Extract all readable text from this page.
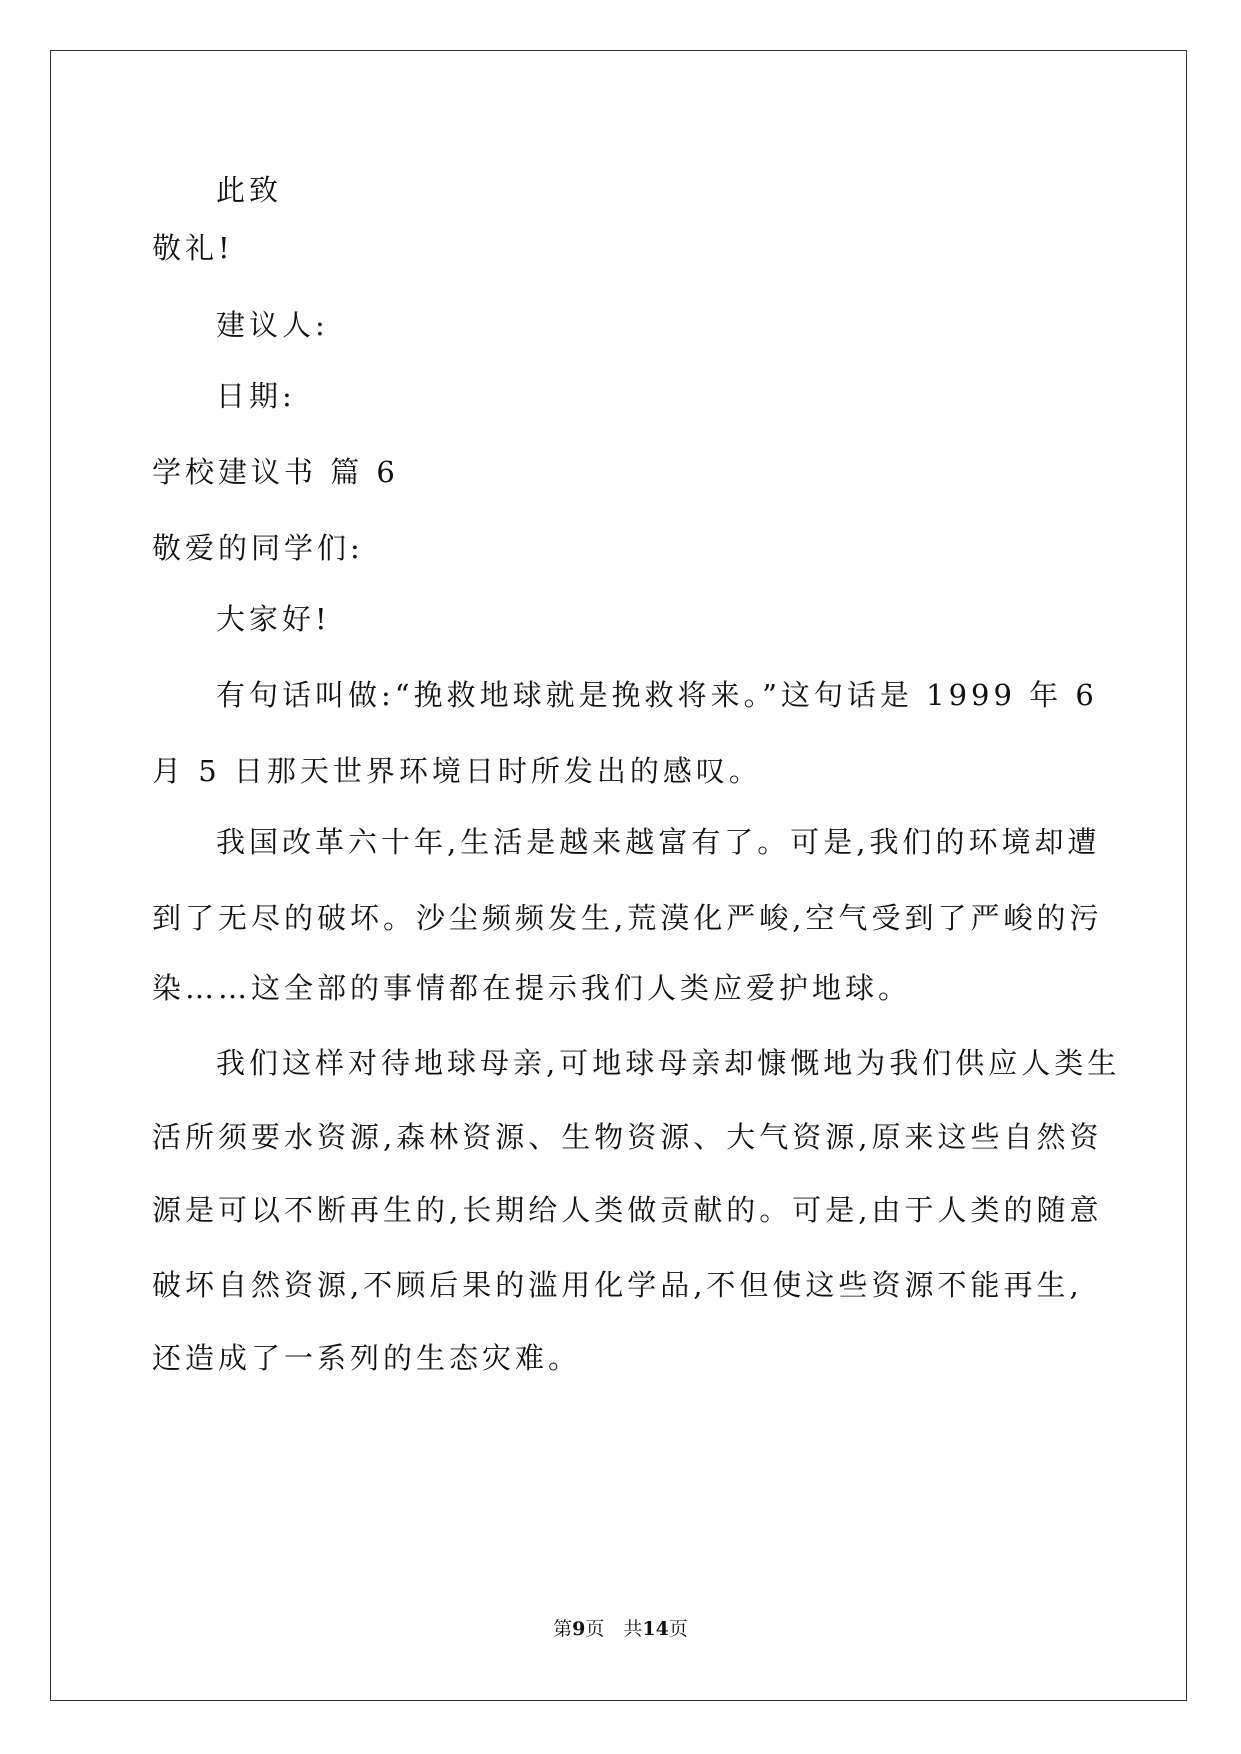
此致
敬礼!
建议人:
日期:
学校建议书 篇 6
敬爱的同学们:
大家好!
有句话叫做:“挽救地球就是挽救将来。”这句话是 1999 年 6
月 5 日那天世界环境日时所发出的感叹。
我国改革六十年,生活是越来越富有了。可是,我们的环境却遭
到了无尽的破坏。沙尘频频发生,荒漠化严峻,空气受到了严峻的污
染……这全部的事情都在提示我们人类应爱护地球。
我们这样对待地球母亲,可地球母亲却慷慨地为我们供应人类生
活所须要水资源,森林资源、生物资源、大气资源,原来这些自然资
源是可以不断再生的,长期给人类做贡献的。可是,由于人类的随意
破坏自然资源,不顾后果的滥用化学品,不但使这些资源不能再生,
还造成了一系列的生态灾难。
第9页　共14页
